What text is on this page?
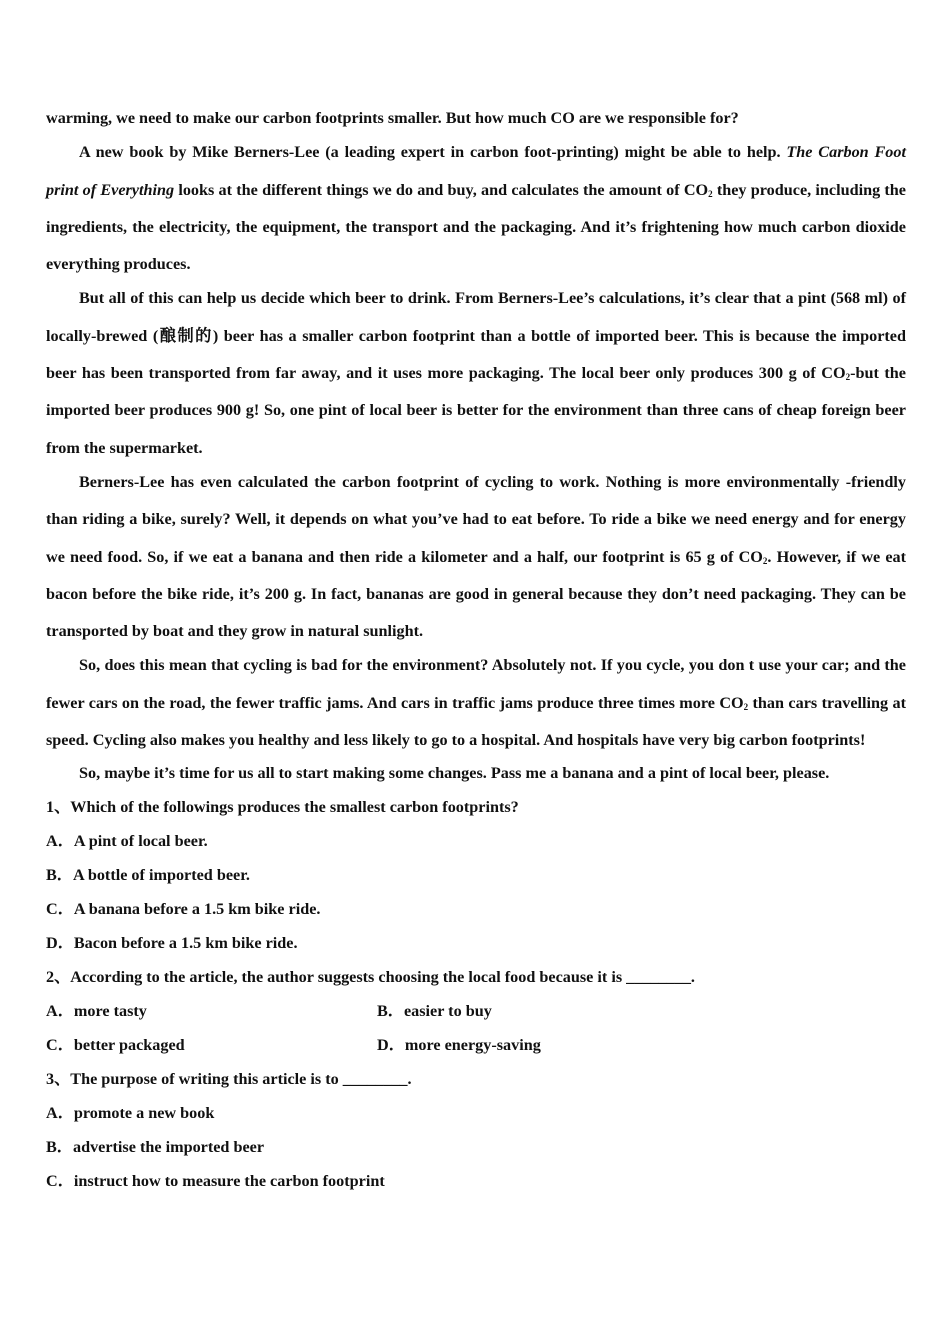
warming, we need to make our carbon footprints smaller. But how much CO are we responsible for?

A new book by Mike Berners-Lee (a leading expert in carbon foot-printing) might be able to help. The Carbon Foot print of Everything looks at the different things we do and buy, and calculates the amount of $CO_2$ they produce, including the ingredients, the electricity, the equipment, the transport and the packaging. And it’s frightening how much carbon dioxide everything produces.

But all of this can help us decide which beer to drink. From Berners-Lee’s calculations, it’s clear that a pint (568 ml) of locally-brewed (酿制的) beer has a smaller carbon footprint than a bottle of imported beer. This is because the imported beer has been transported from far away, and it uses more packaging. The local beer only produces 300 g of $CO_2$-but the imported beer produces 900 g! So, one pint of local beer is better for the environment than three cans of cheap foreign beer from the supermarket.

Berners-Lee has even calculated the carbon footprint of cycling to work. Nothing is more environmentally -friendly than riding a bike, surely? Well, it depends on what you’ve had to eat before. To ride a bike we need energy and for energy we need food. So, if we eat a banana and then ride a kilometer and a half, our footprint is 65 g of $CO_2$. However, if we eat bacon before the bike ride, it’s 200 g. In fact, bananas are good in general because they don’t need packaging. They can be transported by boat and they grow in natural sunlight.

So, does this mean that cycling is bad for the environment? Absolutely not. If you cycle, you don t use your car; and the fewer cars on the road, the fewer traffic jams. And cars in traffic jams produce three times more $CO_2$ than cars travelling at speed. Cycling also makes you healthy and less likely to go to a hospital. And hospitals have very big carbon footprints!

So, maybe it’s time for us all to start making some changes. Pass me a banana and a pint of local beer, please.

1、Which of the followings produces the smallest carbon footprints?

A．A pint of local beer.

B．A bottle of imported beer.

C．A banana before a 1.5 km bike ride.

D．Bacon before a 1.5 km bike ride.

2、According to the article, the author suggests choosing the local food because it is ________.

A．more tasty	B．easier to buy
C．better packaged	D．more energy-saving

3、The purpose of writing this article is to ________.

A．promote a new book

B．advertise the imported beer

C．instruct how to measure the carbon footprint
